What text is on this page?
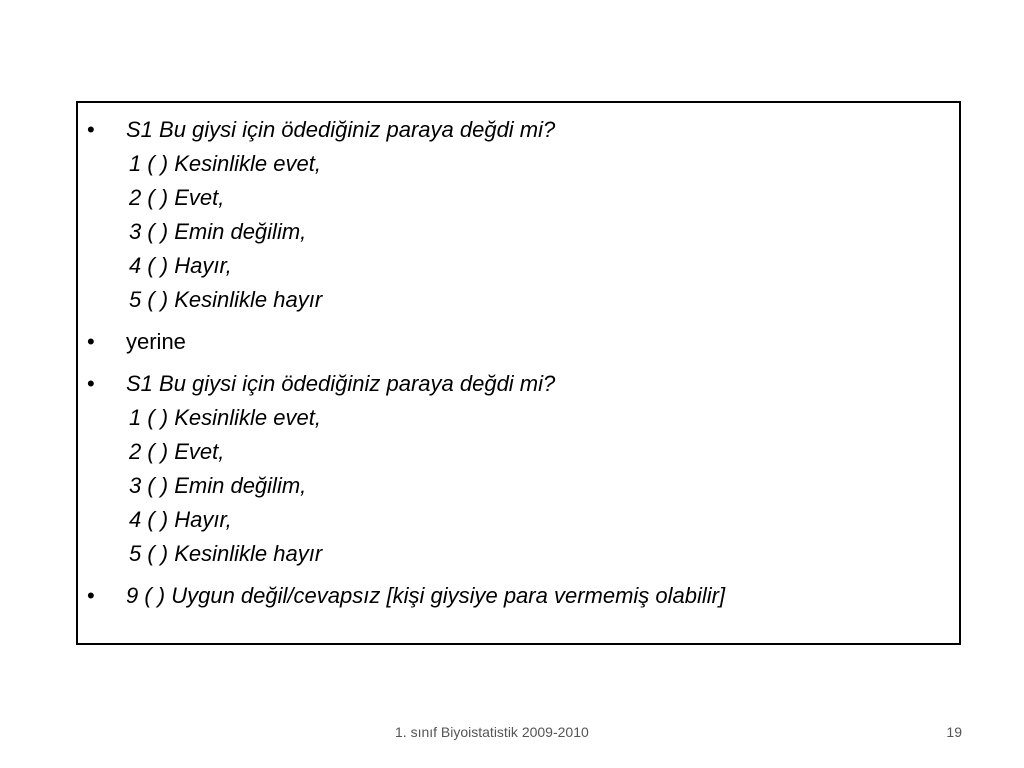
• S1 Bu giysi için ödediğiniz paraya değdi mi?
1 ( ) Kesinlikle evet,
2 ( ) Evet,
3 ( ) Emin değilim,
4 ( ) Hayır,
5 ( ) Kesinlikle hayır
• yerine
• S1 Bu giysi için ödediğiniz paraya değdi mi?
1 ( ) Kesinlikle evet,
2 ( ) Evet,
3 ( ) Emin değilim,
4 ( ) Hayır,
5 ( ) Kesinlikle hayır
• 9 ( ) Uygun değil/cevapsız [kişi giysiye para vermemiş olabilir]
1. sınıf Biyoistatistik 2009-2010	19
